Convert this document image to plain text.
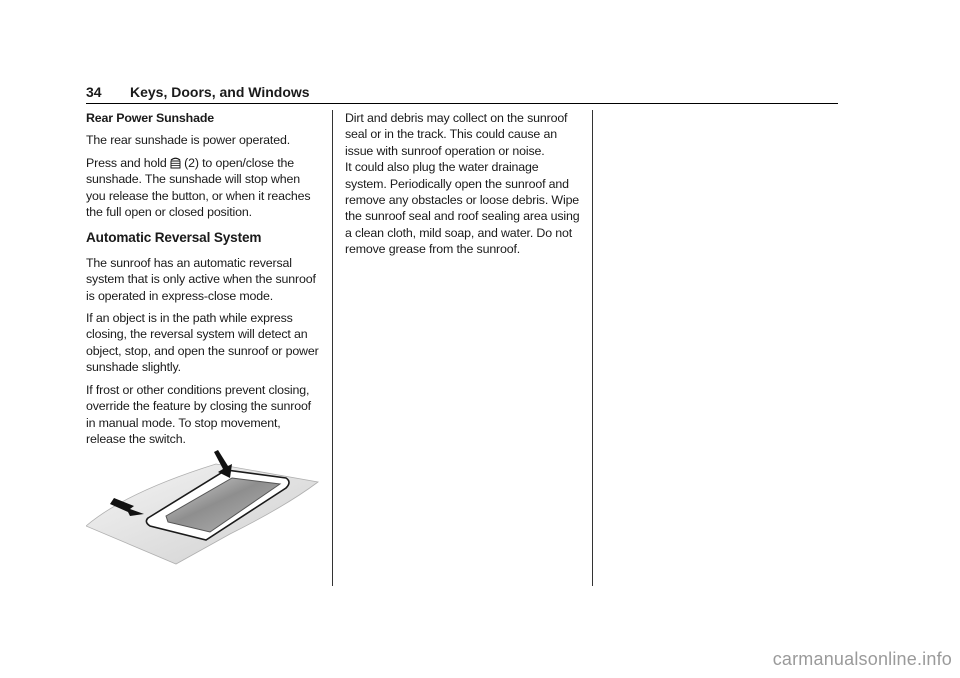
34 Keys, Doors, and Windows
Rear Power Sunshade

The rear sunshade is power operated.

Press and hold (2) to open/close the sunshade. The sunshade will stop when you release the button, or when it reaches the full open or closed position.

Automatic Reversal System

The sunroof has an automatic reversal system that is only active when the sunroof is operated in express-close mode.

If an object is in the path while express closing, the reversal system will detect an object, stop, and open the sunroof or power sunshade slightly.

If frost or other conditions prevent closing, override the feature by closing the sunroof in manual mode. To stop movement, release the switch.

Dirt and debris may collect on the sunroof seal or in the track. This could cause an issue with sunroof operation or noise.

It could also plug the water drainage system. Periodically open the sunroof and remove any obstacles or loose debris. Wipe the sunroof seal and roof sealing area using a clean cloth, mild soap, and water. Do not remove grease from the sunroof.

carmanualsonline.info
